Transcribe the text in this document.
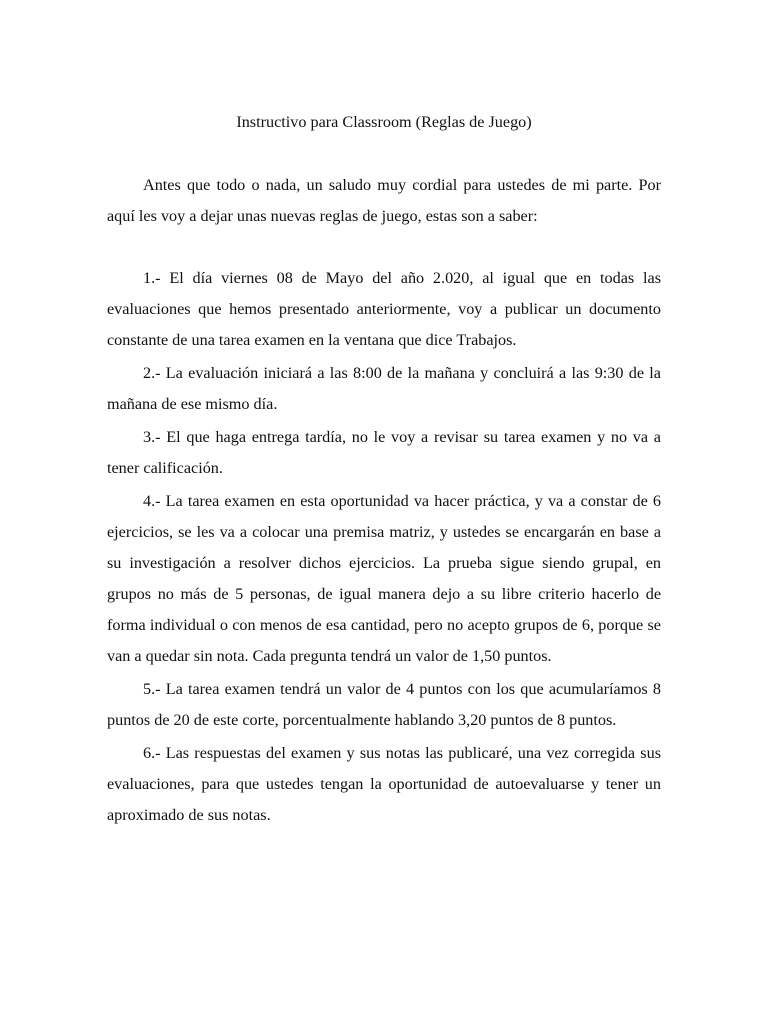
Instructivo para Classroom (Reglas de Juego)

Antes que todo o nada, un saludo muy cordial para ustedes de mi parte. Por aquí les voy a dejar unas nuevas reglas de juego, estas son a saber:

1.- El día viernes 08 de Mayo del año 2.020, al igual que en todas las evaluaciones que hemos presentado anteriormente, voy a publicar un documento constante de una tarea examen en la ventana que dice Trabajos.

2.- La evaluación iniciará a las 8:00 de la mañana y concluirá a las 9:30 de la mañana de ese mismo día.

3.- El que haga entrega tardía, no le voy a revisar su tarea examen y no va a tener calificación.

4.- La tarea examen en esta oportunidad va hacer práctica, y va a constar de 6 ejercicios, se les va a colocar una premisa matriz, y ustedes se encargarán en base a su investigación a resolver dichos ejercicios. La prueba sigue siendo grupal, en grupos no más de 5 personas, de igual manera dejo a su libre criterio hacerlo de forma individual o con menos de esa cantidad, pero no acepto grupos de 6, porque se van a quedar sin nota. Cada pregunta tendrá un valor de 1,50 puntos.

5.- La tarea examen tendrá un valor de 4 puntos con los que acumularíamos 8 puntos de 20 de este corte, porcentualmente hablando 3,20 puntos de 8 puntos.

6.- Las respuestas del examen y sus notas las publicaré, una vez corregida sus evaluaciones, para que ustedes tengan la oportunidad de autoevaluarse y tener un aproximado de sus notas.
